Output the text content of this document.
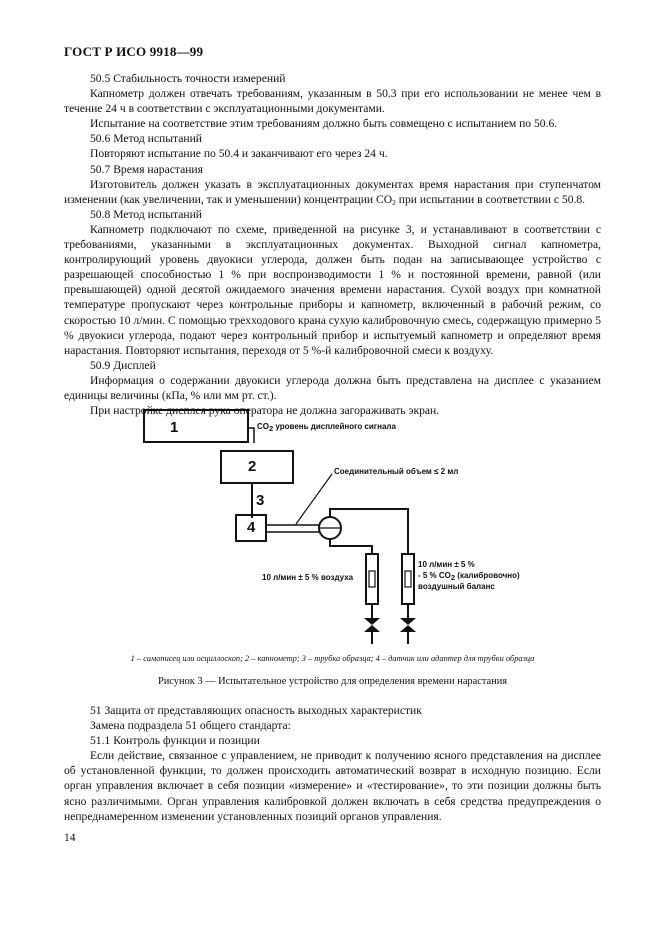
ГОСТ Р ИСО 9918—99

50.5 Стабильность точности измерений

Капнометр должен отвечать требованиям, указанным в 50.3 при его использовании не менее чем в течение 24 ч в соответствии с эксплуатационными документами.

Испытание на соответствие этим требованиям должно быть совмещено с испытанием по 50.6.

50.6 Метод испытаний

Повторяют испытание по 50.4 и заканчивают его через 24 ч.

50.7 Время нарастания

Изготовитель должен указать в эксплуатационных документах время нарастания при ступенчатом изменении (как увеличении, так и уменьшении) концентрации $CO_2$ при испытании в соответствии с 50.8.

50.8 Метод испытаний

Капнометр подключают по схеме, приведенной на рисунке 3, и устанавливают в соответствии с требованиями, указанными в эксплуатационных документах. Выходной сигнал капнометра, контролирующий уровень двуокиси углерода, должен быть подан на записывающее устройство с разрешающей способностью 1 % при воспроизводимости 1 % и постоянной времени, равной (или превышающей) одной десятой ожидаемого значения времени нарастания. Сухой воздух при комнатной температуре пропускают через контрольные приборы и капнометр, включенный в рабочий режим, со скоростью 10 л/мин. С помощью трехходового крана сухую калибровочную смесь, содержащую примерно 5 % двуокиси углерода, подают через контрольный прибор и испытуемый капнометр и определяют время нарастания. Повторяют испытания, переходя от 5 %-й калибровочной смеси к воздуху.

50.9 Дисплей

Информация о содержании двуокиси углерода должна быть представлена на дисплее с указанием единицы величины (кПа, % или мм рт. ст.).

При настройке дисплея рука оператора не должна загораживать экран.

1
2
3
4
$CO_2$ уровень дисплейного сигнала
Соединительный объем ≤ 2 мл
10 л/мин ± 5 % воздуха
10 л/мин ± 5 %
- 5 % $CO_2$ (калибровочно)
воздушный баланс
1 – самописец или осциллоскоп; 2 – капнометр; 3 – трубка образца; 4 – датчик или адаптер для трубки образца
Рисунок 3 — Испытательное устройство для определения времени нарастания

51 Защита от представляющих опасность выходных характеристик

Замена подраздела 51 общего стандарта:

51.1 Контроль функции и позиции

Если действие, связанное с управлением, не приводит к получению ясного представления на дисплее об установленной функции, то должен происходить автоматический возврат в исходную позицию. Если орган управления включает в себя позиции «измерение» и «тестирование», то эти позиции должны быть ясно различимыми. Орган управления калибровкой должен включать в себя средства предупреждения о непреднамеренном изменении установленных позиций органов управления.

14
